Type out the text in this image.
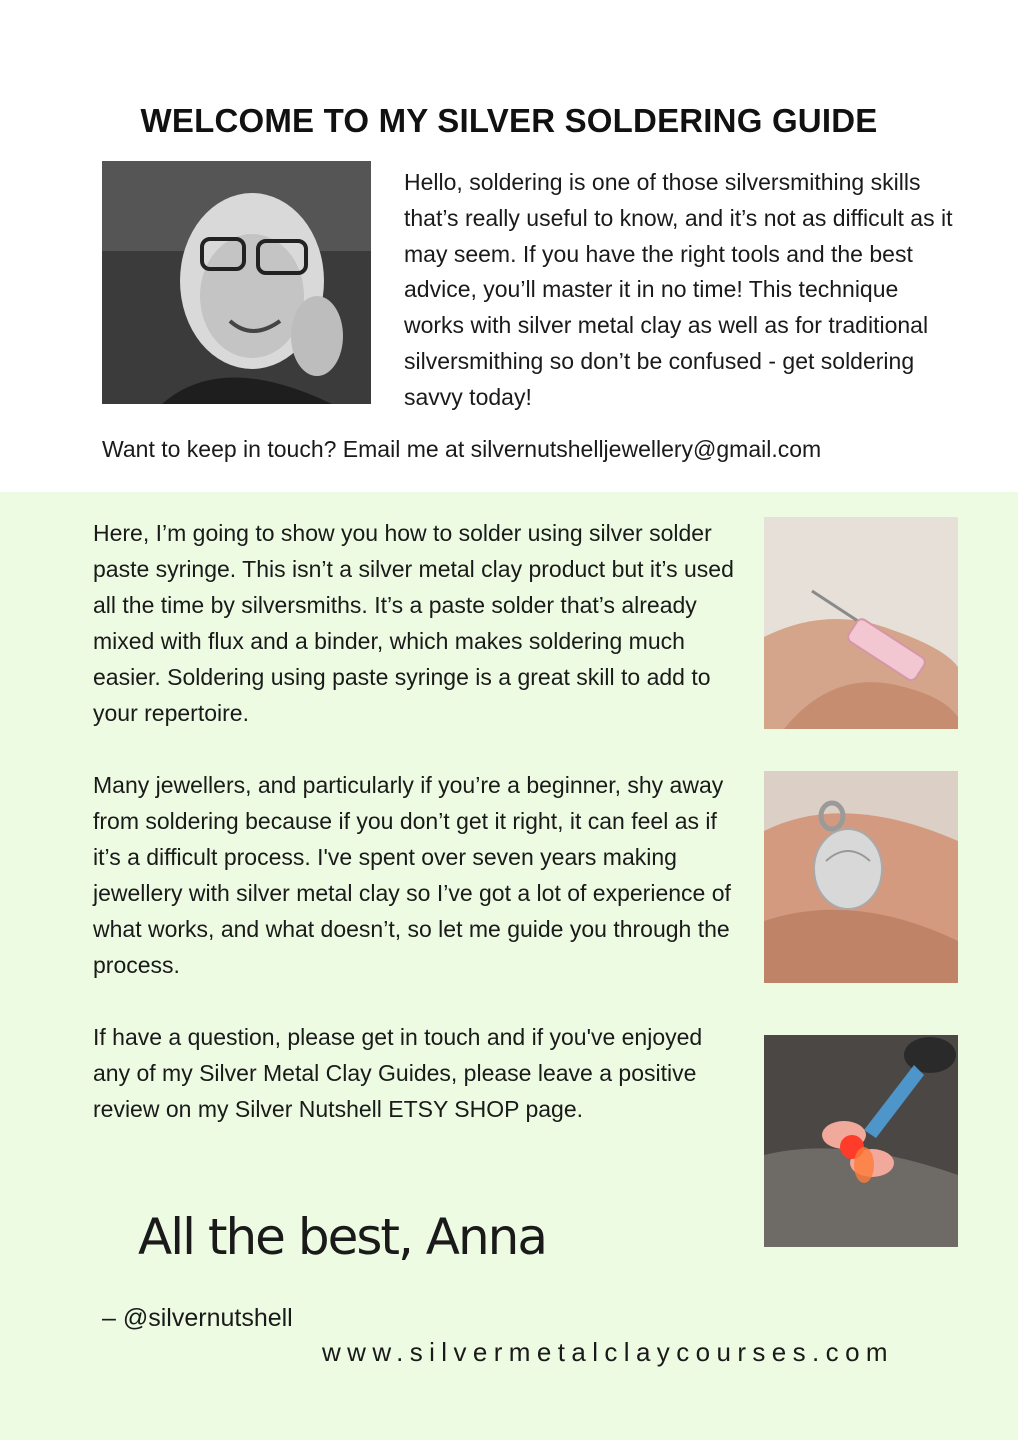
WELCOME TO MY SILVER SOLDERING GUIDE

Hello, soldering is one of those silversmithing skills that’s really useful to know, and it’s not as difficult as it may seem. If you have the right tools and the best advice, you’ll master it in no time! This technique works with silver metal clay as well as for traditional silversmithing so don’t be confused - get soldering savvy today!

Want to keep in touch? Email me at silvernutshelljewellery@gmail.com

Here, I’m going to show you how to solder using silver solder paste syringe. This isn’t a silver metal clay product but it’s used all the time by silversmiths. It’s a paste solder that’s already mixed with flux and a binder, which makes soldering much easier. Soldering using paste syringe is a great skill to add to your repertoire.

Many jewellers, and particularly if you’re a beginner, shy away from soldering because if you don’t get it right, it can feel as if it’s a difficult process. I've spent over seven years making jewellery with silver metal clay so I’ve got a lot of experience of what works, and what doesn’t, so let me guide you through the process.

If have a question, please get in touch and if you've enjoyed any of my Silver Metal Clay Guides, please leave a positive review on my Silver Nutshell ETSY SHOP page.

All the best, Anna

– @silvernutshell

www.silvermetalclaycourses.com
